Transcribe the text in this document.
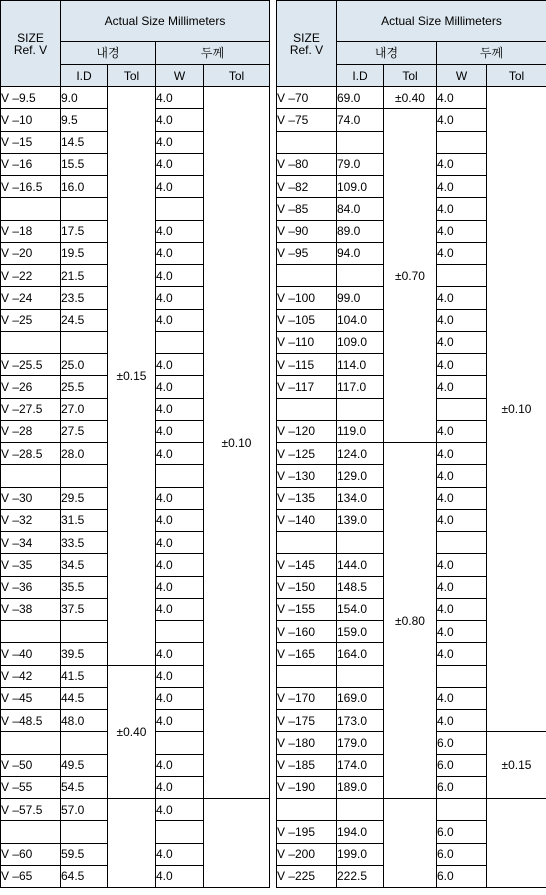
SIZE
Ref. V	Actual Size Millimeters			
	내경		두께	
	I.D	Tol	W	Tol
V –9.5	9.0	±0.15	4.0	±0.10
V –10	9.5		4.0	
V –15	14.5		4.0	
V –16	15.5		4.0	
V –16.5	16.0		4.0	

V –18	17.5		4.0	
V –20	19.5		4.0	
V –22	21.5		4.0	
V –24	23.5		4.0	
V –25	24.5		4.0	

V –25.5	25.0		4.0	
V –26	25.5		4.0	
V –27.5	27.0		4.0	
V –28	27.5		4.0	
V –28.5	28.0		4.0	

V –30	29.5		4.0	
V –32	31.5		4.0	
V –34	33.5		4.0	
V –35	34.5		4.0	
V –36	35.5		4.0	
V –38	37.5		4.0	

V –40	39.5		4.0	
V –42	41.5	±0.40	4.0	
V –45	44.5		4.0	
V –48.5	48.0		4.0	

V –50	49.5		4.0	
V –55	54.5		4.0	
V –57.5	57.0		4.0	

V –60	59.5		4.0	
V –65	64.5		4.0	
SIZE
Ref. V	Actual Size Millimeters			
	내경		두께	
	I.D	Tol	W	Tol
V –70	69.0	±0.40	4.0	±0.10
V –75	74.0	±0.70	4.0	

V –80	79.0		4.0	
V –82	109.0		4.0	
V –85	84.0		4.0	
V –90	89.0		4.0	
V –95	94.0		4.0	

V –100	99.0		4.0	
V –105	104.0		4.0	
V –110	109.0		4.0	
V –115	114.0		4.0	
V –117	117.0		4.0	

V –120	119.0		4.0	
V –125	124.0	±0.80	4.0	
V –130	129.0		4.0	
V –135	134.0		4.0	
V –140	139.0		4.0	

V –145	144.0		4.0	
V –150	148.5		4.0	
V –155	154.0		4.0	
V –160	159.0		4.0	
V –165	164.0		4.0	

V –170	169.0		4.0	
V –175	173.0		4.0	
V –180	179.0		6.0	±0.15
V –185	174.0		6.0	
V –190	189.0		6.0	

V –195	194.0		6.0	
V –200	199.0		6.0	
V –225	222.5		6.0	
